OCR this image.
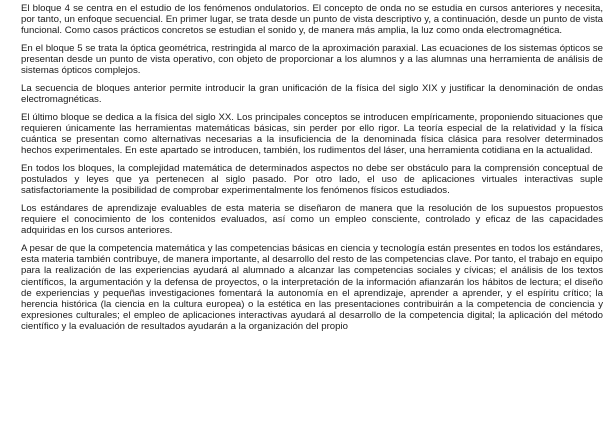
El bloque 4 se centra en el estudio de los fenómenos ondulatorios. El concepto de onda no se estudia en cursos anteriores y necesita, por tanto, un enfoque secuencial. En primer lugar, se trata desde un punto de vista descriptivo y, a continuación, desde un punto de vista funcional. Como casos prácticos concretos se estudian el sonido y, de manera más amplia, la luz como onda electromagnética.

En el bloque 5 se trata la óptica geométrica, restringida al marco de la aproximación paraxial. Las ecuaciones de los sistemas ópticos se presentan desde un punto de vista operativo, con objeto de proporcionar a los alumnos y a las alumnas una herramienta de análisis de sistemas ópticos complejos.

La secuencia de bloques anterior permite introducir la gran unificación de la física del siglo XIX y justificar la denominación de ondas electromagnéticas.

El último bloque se dedica a la física del siglo XX. Los principales conceptos se introducen empíricamente, proponiendo situaciones que requieren únicamente las herramientas matemáticas básicas, sin perder por ello rigor. La teoría especial de la relatividad y la física cuántica se presentan como alternativas necesarias a la insuficiencia de la denominada física clásica para resolver determinados hechos experimentales. En este apartado se introducen, también, los rudimentos del láser, una herramienta cotidiana en la actualidad.

En todos los bloques, la complejidad matemática de determinados aspectos no debe ser obstáculo para la comprensión conceptual de postulados y leyes que ya pertenecen al siglo pasado. Por otro lado, el uso de aplicaciones virtuales interactivas suple satisfactoriamente la posibilidad de comprobar experimentalmente los fenómenos físicos estudiados.

Los estándares de aprendizaje evaluables de esta materia se diseñaron de manera que la resolución de los supuestos propuestos requiere el conocimiento de los contenidos evaluados, así como un empleo consciente, controlado y eficaz de las capacidades adquiridas en los cursos anteriores.

A pesar de que la competencia matemática y las competencias básicas en ciencia y tecnología están presentes en todos los estándares, esta materia también contribuye, de manera importante, al desarrollo del resto de las competencias clave. Por tanto, el trabajo en equipo para la realización de las experiencias ayudará al alumnado a alcanzar las competencias sociales y cívicas; el análisis de los textos científicos, la argumentación y la defensa de proyectos, o la interpretación de la información afianzarán los hábitos de lectura; el diseño de experiencias y pequeñas investigaciones fomentará la autonomía en el aprendizaje, aprender a aprender, y el espíritu crítico; la herencia histórica (la ciencia en la cultura europea) o la estética en las presentaciones contribuirán a la competencia de conciencia y expresiones culturales; el empleo de aplicaciones interactivas ayudará al desarrollo de la competencia digital; la aplicación del método científico y la evaluación de resultados ayudarán a la organización del propio
